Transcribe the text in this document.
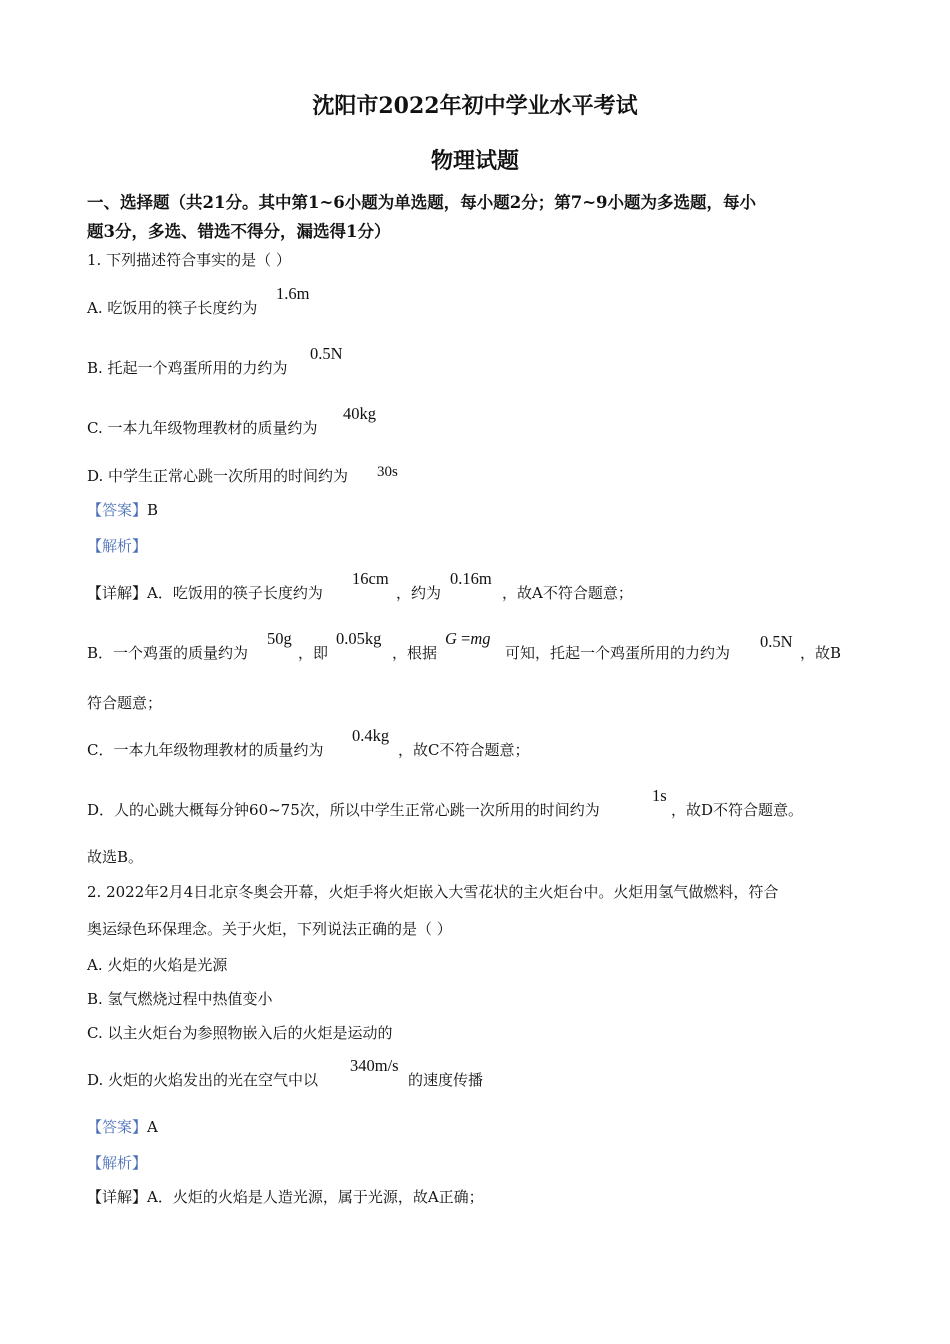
沈阳市2022年初中学业水平考试
物理试题
一、选择题（共21分。其中第1~6小题为单选题，每小题2分；第7~9小题为多选题，每小
题3分，多选、错选不得分，漏选得1分）
1. 下列描述符合事实的是（ ）
A. 吃饭用的筷子长度约为
1.6m
B. 托起一个鸡蛋所用的力约为
0.5N
C. 一本九年级物理教材的质量约为
40kg
D. 中学生正常心跳一次所用的时间约为 30s
【答案】B
【解析】
【详解】A．吃饭用的筷子长度约为
16cm
，约为
0.16m
，故A不符合题意；
B．一个鸡蛋的质量约为
50g
，即
0.05kg
，根据
G =mg
可知，托起一个鸡蛋所用的力约为
0.5N
，故B
符合题意；
C．一本九年级物理教材的质量约为
0.4kg
，故C不符合题意；
D．人的心跳大概每分钟60~75次，所以中学生正常心跳一次所用的时间约为
1s
，故D不符合题意。
故选B。
2. 2022年2月4日北京冬奥会开幕，火炬手将火炬嵌入大雪花状的主火炬台中。火炬用氢气做燃料，符合
奥运绿色环保理念。关于火炬，下列说法正确的是（ ）
A. 火炬的火焰是光源
B. 氢气燃烧过程中热值变小
C. 以主火炬台为参照物嵌入后的火炬是运动的
D. 火炬的火焰发出的光在空气中以
340m/s
的速度传播
【答案】A
【解析】
【详解】A．火炬的火焰是人造光源，属于光源，故A正确；
